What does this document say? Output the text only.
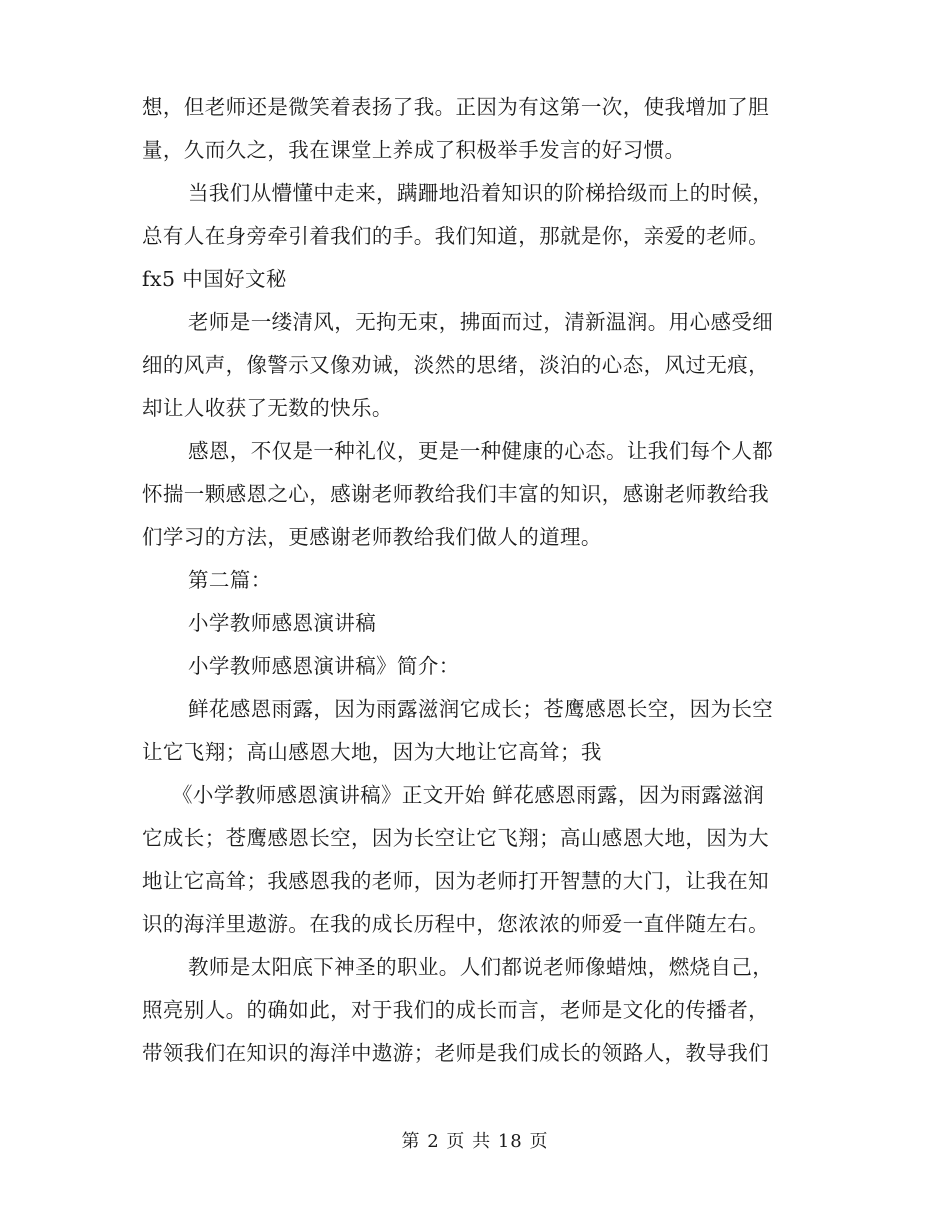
想，但老师还是微笑着表扬了我。正因为有这第一次，使我增加了胆
量，久而久之，我在课堂上养成了积极举手发言的好习惯。
当我们从懵懂中走来，蹒跚地沿着知识的阶梯拾级而上的时候，
总有人在身旁牵引着我们的手。我们知道，那就是你，亲爱的老师。
fx5 中国好文秘
老师是一缕清风，无拘无束，拂面而过，清新温润。用心感受细
细的风声，像警示又像劝诫，淡然的思绪，淡泊的心态，风过无痕，
却让人收获了无数的快乐。
感恩，不仅是一种礼仪，更是一种健康的心态。让我们每个人都
怀揣一颗感恩之心，感谢老师教给我们丰富的知识，感谢老师教给我
们学习的方法，更感谢老师教给我们做人的道理。
第二篇：
小学教师感恩演讲稿
小学教师感恩演讲稿》简介：
鲜花感恩雨露，因为雨露滋润它成长；苍鹰感恩长空，因为长空
让它飞翔；高山感恩大地，因为大地让它高耸；我
《小学教师感恩演讲稿》正文开始 鲜花感恩雨露，因为雨露滋润
它成长；苍鹰感恩长空，因为长空让它飞翔；高山感恩大地，因为大
地让它高耸；我感恩我的老师，因为老师打开智慧的大门，让我在知
识的海洋里遨游。在我的成长历程中，您浓浓的师爱一直伴随左右。
教师是太阳底下神圣的职业。人们都说老师像蜡烛，燃烧自己，
照亮别人。的确如此，对于我们的成长而言，老师是文化的传播者，
带领我们在知识的海洋中遨游；老师是我们成长的领路人，教导我们
第 2 页 共 18 页
